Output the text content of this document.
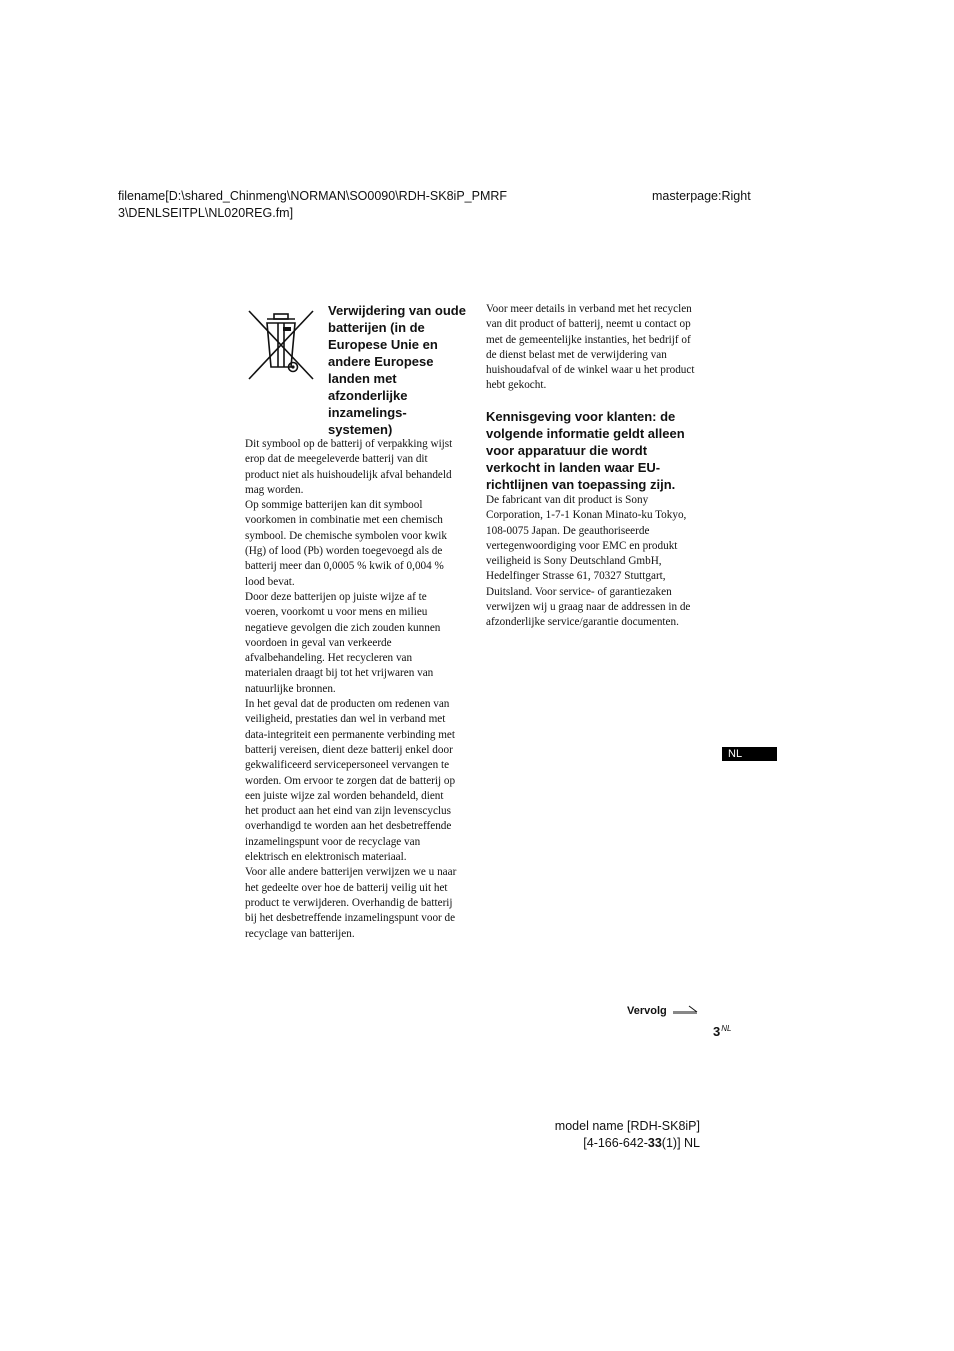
filename[D:\shared_Chinmeng\NORMAN\SO0090\RDH-SK8iP_PMRF
3\DENLSEITPL\NL020REG.fm]
masterpage:Right
Verwijdering van oude batterijen (in de Europese Unie en andere Europese landen met afzonderlijke inzamelings-systemen)

Dit symbool op de batterij of verpakking wijst erop dat de meegeleverde batterij van dit product niet als huishoudelijk afval behandeld mag worden.

Op sommige batterijen kan dit symbool voorkomen in combinatie met een chemisch symbool. De chemische symbolen voor kwik (Hg) of lood (Pb) worden toegevoegd als de batterij meer dan 0,0005 % kwik of 0,004 % lood bevat.

Door deze batterijen op juiste wijze af te voeren, voorkomt u voor mens en milieu negatieve gevolgen die zich zouden kunnen voordoen in geval van verkeerde afvalbehandeling. Het recycleren van materialen draagt bij tot het vrijwaren van natuurlijke bronnen.

In het geval dat de producten om redenen van veiligheid, prestaties dan wel in verband met data-integriteit een permanente verbinding met batterij vereisen, dient deze batterij enkel door gekwalificeerd servicepersoneel vervangen te worden. Om ervoor te zorgen dat de batterij op een juiste wijze zal worden behandeld, dient het product aan het eind van zijn levenscyclus overhandigd te worden aan het desbetreffende inzamelingspunt voor de recyclage van elektrisch en elektronisch materiaal.

Voor alle andere batterijen verwijzen we u naar het gedeelte over hoe de batterij veilig uit het product te verwijderen. Overhandig de batterij bij het desbetreffende inzamelingspunt voor de recyclage van batterijen.

Voor meer details in verband met het recyclen van dit product of batterij, neemt u contact op met de gemeentelijke instanties, het bedrijf of de dienst belast met de verwijdering van huishoudafval of de winkel waar u het product hebt gekocht.

Kennisgeving voor klanten: de volgende informatie geldt alleen voor apparatuur die wordt verkocht in landen waar EU-richtlijnen van toepassing zijn.

De fabricant van dit product is Sony Corporation, 1-7-1 Konan Minato-ku Tokyo, 108-0075 Japan. De geauthoriseerde vertegenwoordiging voor EMC en produkt veiligheid is Sony Deutschland GmbH, Hedelfinger Strasse 61, 70327 Stuttgart, Duitsland. Voor service- of garantiezaken verwijzen wij u graag naar de addressen in de afzonderlijke service/garantie documenten.

NL
Vervolg
$3^{NL}$
model name [RDH-SK8iP]
[4-166-642-33(1)] NL
